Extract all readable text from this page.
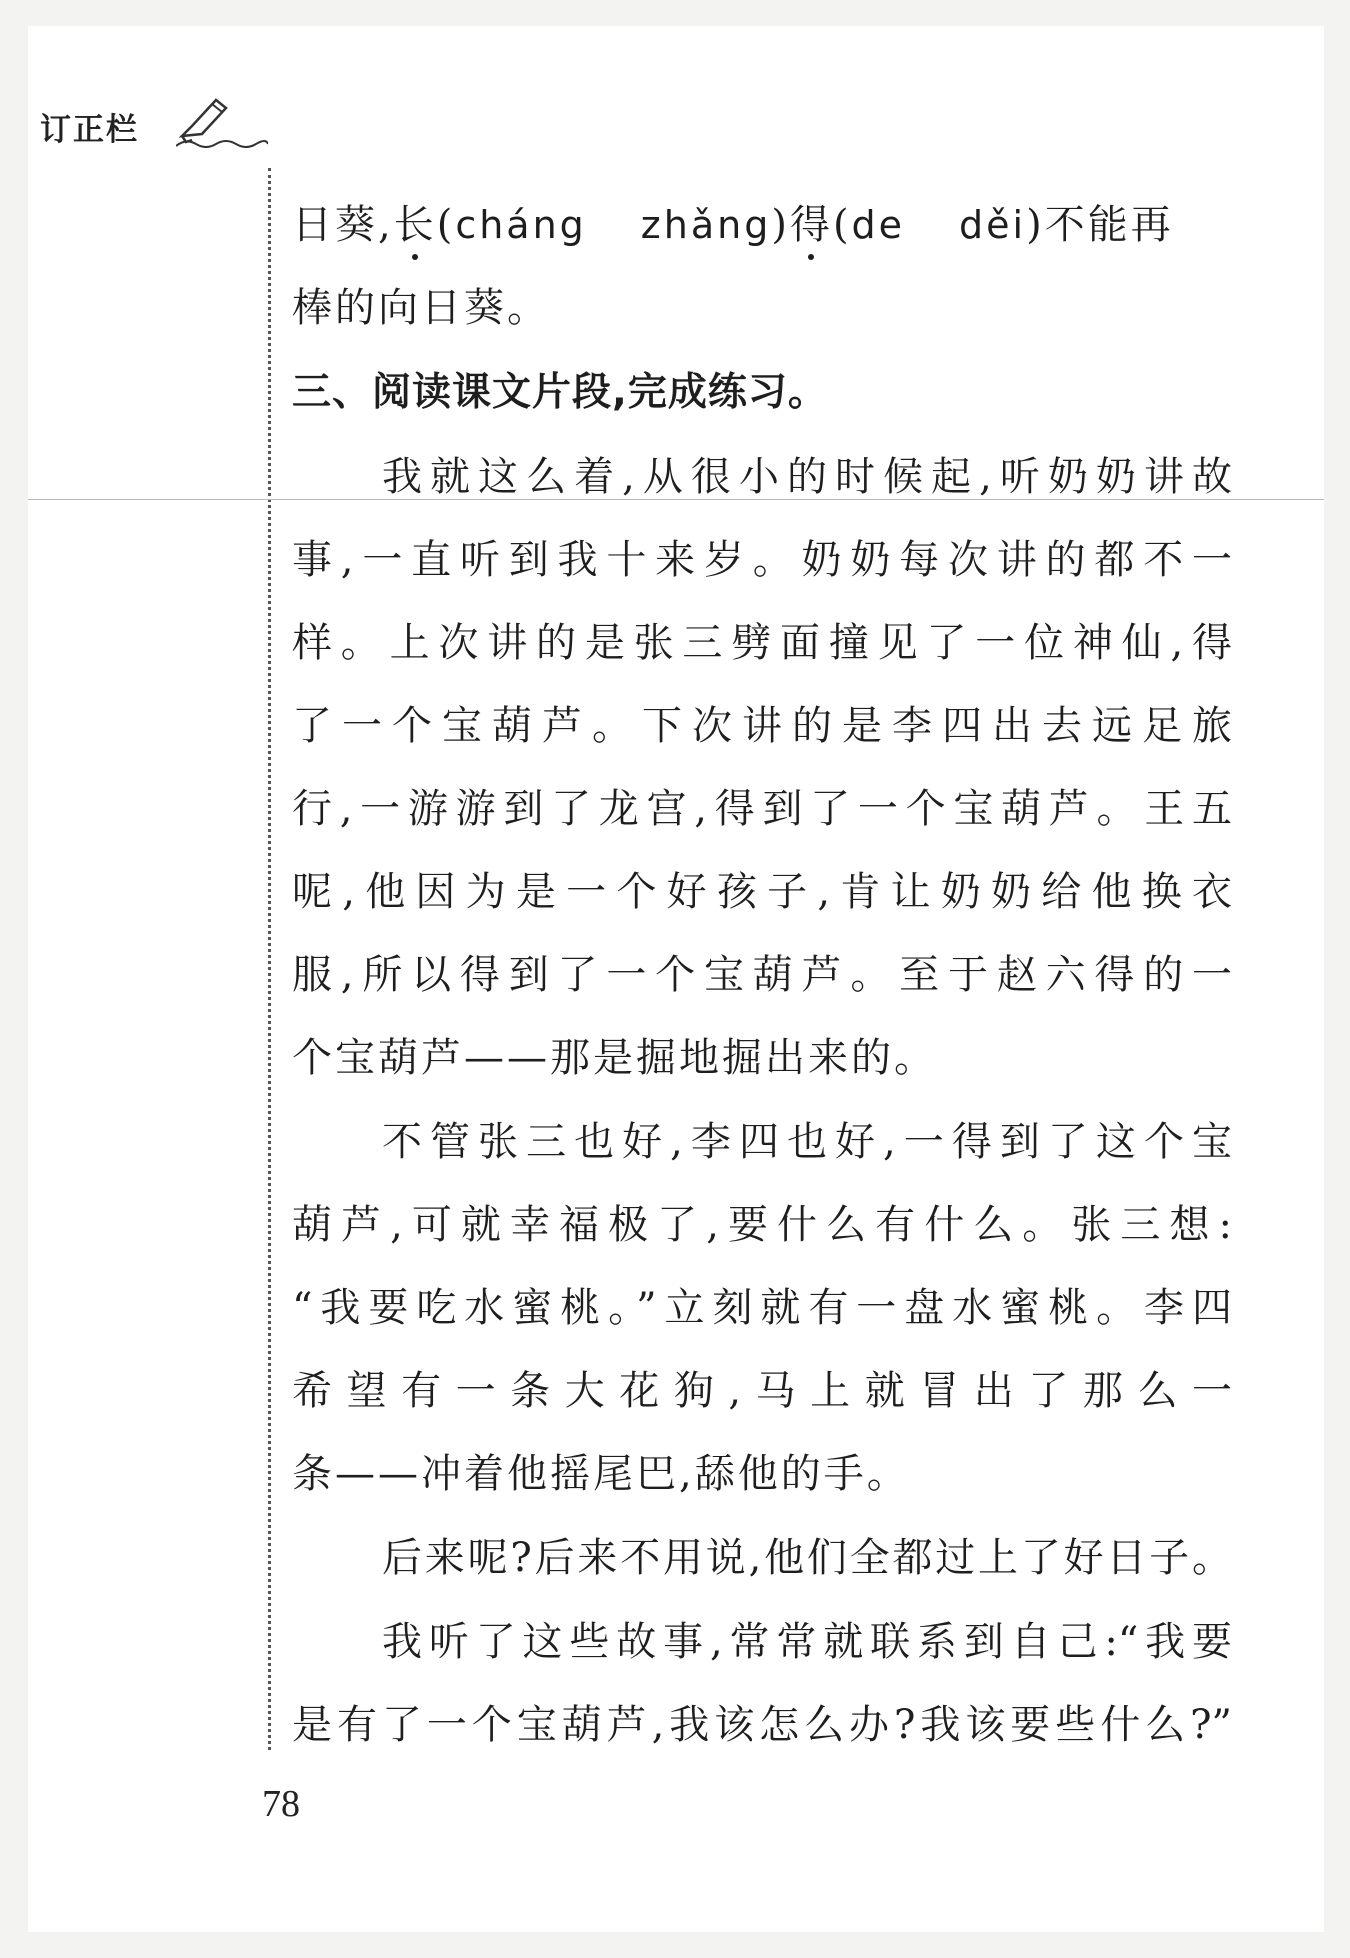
订正栏
日葵,长(cháng zhǎng)得(de děi)不能再
棒的向日葵。
三、阅读课文片段,完成练习。
我就这么着,从很小的时候起,听奶奶讲故
事,一直听到我十来岁。奶奶每次讲的都不一
样。上次讲的是张三劈面撞见了一位神仙,得
了一个宝葫芦。下次讲的是李四出去远足旅
行,一游游到了龙宫,得到了一个宝葫芦。王五
呢,他因为是一个好孩子,肯让奶奶给他换衣
服,所以得到了一个宝葫芦。至于赵六得的一
个宝葫芦——那是掘地掘出来的。
不管张三也好,李四也好,一得到了这个宝
葫芦,可就幸福极了,要什么有什么。张三想:
“我要吃水蜜桃。”立刻就有一盘水蜜桃。李四
希望有一条大花狗,马上就冒出了那么一
条——冲着他摇尾巴,舔他的手。
后来呢?后来不用说,他们全都过上了好日子。
我听了这些故事,常常就联系到自己:“我要
是有了一个宝葫芦,我该怎么办?我该要些什么?”
78
